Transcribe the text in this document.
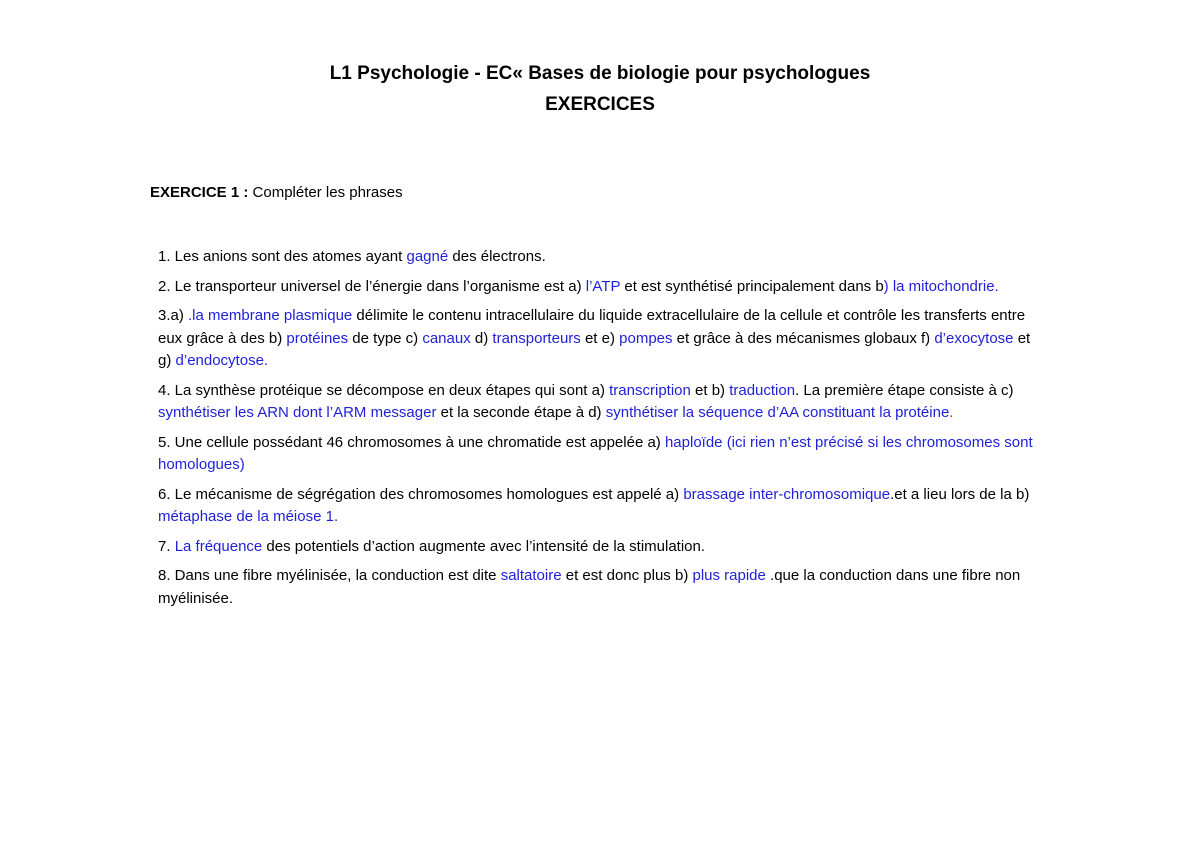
L1 Psychologie - EC« Bases de biologie pour psychologues
EXERCICES
EXERCICE 1 : Compléter les phrases
1. Les anions sont des atomes ayant gagné des électrons.
2. Le transporteur universel de l’énergie dans l’organisme est a) l’ATP et est synthétisé principalement dans b) la mitochondrie.
3.a) .la membrane plasmique délimite le contenu intracellulaire du liquide extracellulaire de la cellule et contrôle les transferts entre eux grâce à des b) protéines de type c) canaux d) transporteurs et e) pompes et grâce à des mécanismes globaux f) d’exocytose et g) d’endocytose.
4. La synthèse protéique se décompose en deux étapes qui sont a) transcription et b) traduction. La première étape consiste à c) synthétiser les ARN dont l’ARM messager et la seconde étape à d) synthétiser la séquence d’AA constituant la protéine.
5. Une cellule possédant 46 chromosomes à une chromatide est appelée a) haploïde (ici rien n’est précisé si les chromosomes sont homologues)
6. Le mécanisme de ségrégation des chromosomes homologues est appelé a) brassage inter-chromosomique.et a lieu lors de la b) métaphase de la méiose 1.
7. La fréquence des potentiels d’action augmente avec l’intensité de la stimulation.
8. Dans une fibre myélinisée, la conduction est dite saltatoire et est donc plus b) plus rapide .que la conduction dans une fibre non myélinisée.
